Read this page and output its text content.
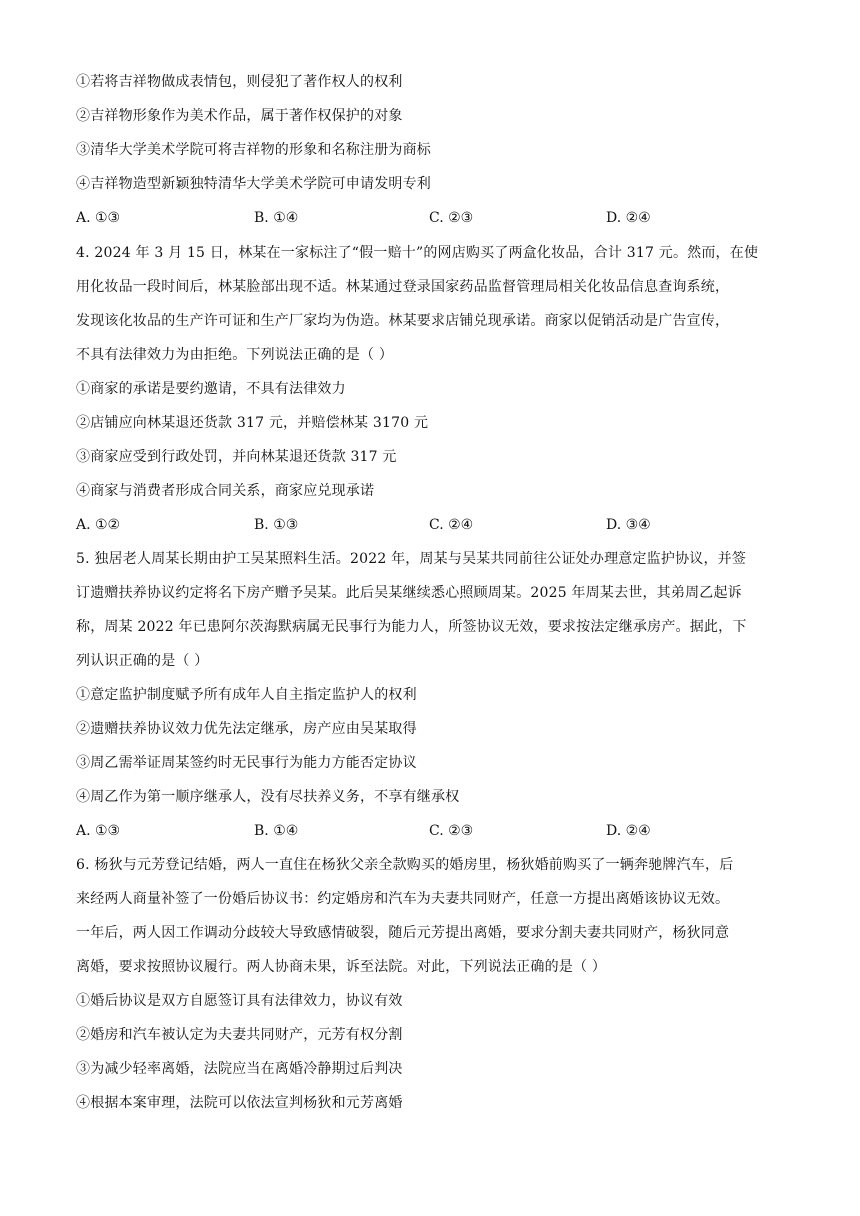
①若将吉祥物做成表情包，则侵犯了著作权人的权利
②吉祥物形象作为美术作品，属于著作权保护的对象
③清华大学美术学院可将吉祥物的形象和名称注册为商标
④吉祥物造型新颖独特清华大学美术学院可申请发明专利
A. ①③	B. ①④	C. ②③	D. ②④
4. 2024 年 3 月 15 日，林某在一家标注了“假一赔十”的网店购买了两盒化妆品，合计 317 元。然而，在使
用化妆品一段时间后，林某脸部出现不适。林某通过登录国家药品监督管理局相关化妆品信息查询系统，
发现该化妆品的生产许可证和生产厂家均为伪造。林某要求店铺兑现承诺。商家以促销活动是广告宣传，
不具有法律效力为由拒绝。下列说法正确的是（ ）
①商家的承诺是要约邀请，不具有法律效力
②店铺应向林某退还货款 317 元，并赔偿林某 3170 元
③商家应受到行政处罚，并向林某退还货款 317 元
④商家与消费者形成合同关系，商家应兑现承诺
A. ①②	B. ①③	C. ②④	D. ③④
5. 独居老人周某长期由护工吴某照料生活。2022 年，周某与吴某共同前往公证处办理意定监护协议，并签
订遗赠扶养协议约定将名下房产赠予吴某。此后吴某继续悉心照顾周某。2025 年周某去世，其弟周乙起诉
称，周某 2022 年已患阿尔茨海默病属无民事行为能力人，所签协议无效，要求按法定继承房产。据此，下
列认识正确的是（ ）
①意定监护制度赋予所有成年人自主指定监护人的权利
②遗赠扶养协议效力优先法定继承，房产应由吴某取得
③周乙需举证周某签约时无民事行为能力方能否定协议
④周乙作为第一顺序继承人，没有尽扶养义务，不享有继承权
A. ①③	B. ①④	C. ②③	D. ②④
6. 杨狄与元芳登记结婚，两人一直住在杨狄父亲全款购买的婚房里，杨狄婚前购买了一辆奔驰牌汽车，后
来经两人商量补签了一份婚后协议书：约定婚房和汽车为夫妻共同财产，任意一方提出离婚该协议无效。
一年后，两人因工作调动分歧较大导致感情破裂，随后元芳提出离婚，要求分割夫妻共同财产，杨狄同意
离婚，要求按照协议履行。两人协商未果，诉至法院。对此，下列说法正确的是（ ）
①婚后协议是双方自愿签订具有法律效力，协议有效
②婚房和汽车被认定为夫妻共同财产，元芳有权分割
③为减少轻率离婚，法院应当在离婚冷静期过后判决
④根据本案审理，法院可以依法宣判杨狄和元芳离婚
